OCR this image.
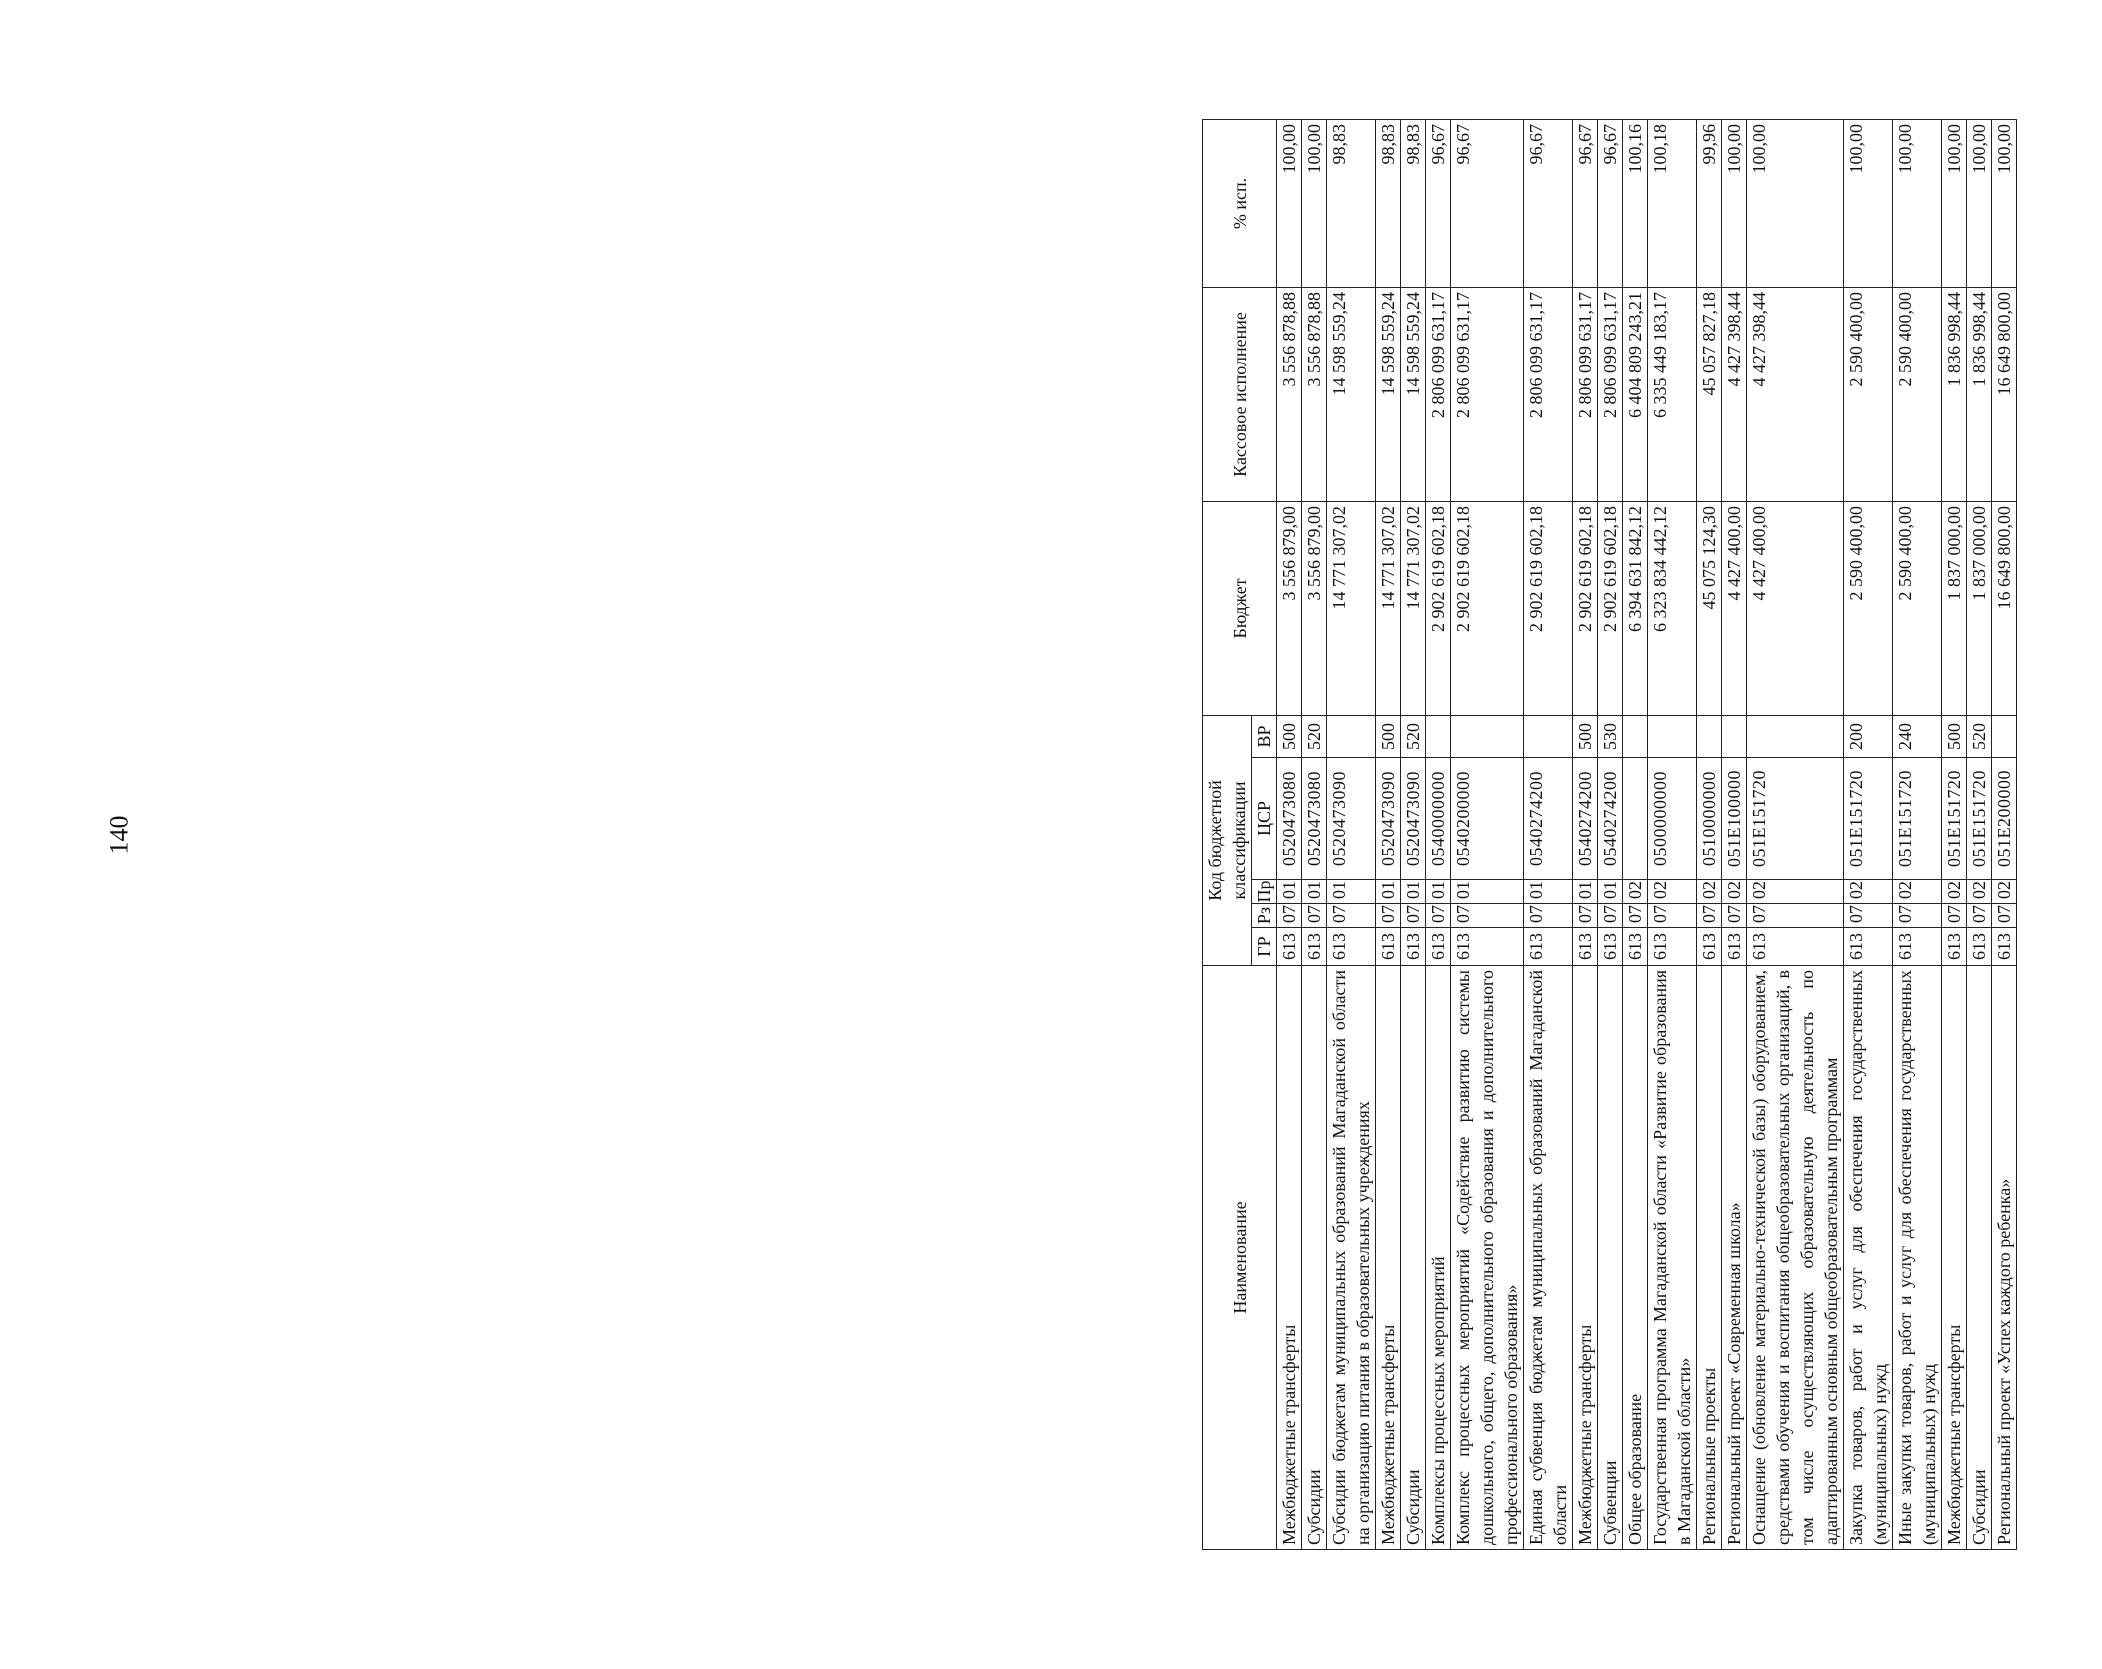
140
Наименование	Код бюджетной классификации					Бюджет	Кассовое исполнение	% исп.
	ГР	Рз	Пр	ЦСР	ВР			
Межбюджетные трансферты	613	07	01	0520473080	500	3 556 879,00	3 556 878,88	100,00
Субсидии	613	07	01	0520473080	520	3 556 879,00	3 556 878,88	100,00
Субсидии бюджетам муниципальных образований Магаданской области на организацию питания в образовательных учреждениях	613	07	01	0520473090		14 771 307,02	14 598 559,24	98,83
Межбюджетные трансферты	613	07	01	0520473090	500	14 771 307,02	14 598 559,24	98,83
Субсидии	613	07	01	0520473090	520	14 771 307,02	14 598 559,24	98,83
Комплексы процессных мероприятий	613	07	01	0540000000		2 902 619 602,18	2 806 099 631,17	96,67
Комплекс процессных мероприятий «Содействие развитию системы дошкольного, общего, дополнительного образования и дополнительного профессионального образования»	613	07	01	0540200000		2 902 619 602,18	2 806 099 631,17	96,67
Единая субвенция бюджетам муниципальных образований Магаданской области	613	07	01	0540274200		2 902 619 602,18	2 806 099 631,17	96,67
Межбюджетные трансферты	613	07	01	0540274200	500	2 902 619 602,18	2 806 099 631,17	96,67
Субвенции	613	07	01	0540274200	530	2 902 619 602,18	2 806 099 631,17	96,67
Общее образование	613	07	02			6 394 631 842,12	6 404 809 243,21	100,16
Государственная программа Магаданской области «Развитие образования в Магаданской области»	613	07	02	0500000000		6 323 834 442,12	6 335 449 183,17	100,18
Региональные проекты	613	07	02	0510000000		45 075 124,30	45 057 827,18	99,96
Региональный проект «Современная школа»	613	07	02	051E100000		4 427 400,00	4 427 398,44	100,00
Оснащение (обновление материально-технической базы) оборудованием, средствами обучения и воспитания общеобразовательных организаций, в том числе осуществляющих образовательную деятельность по адаптированным основным общеобразовательным программам	613	07	02	051E151720		4 427 400,00	4 427 398,44	100,00
Закупка товаров, работ и услуг для обеспечения государственных (муниципальных) нужд	613	07	02	051E151720	200	2 590 400,00	2 590 400,00	100,00
Иные закупки товаров, работ и услуг для обеспечения государственных (муниципальных) нужд	613	07	02	051E151720	240	2 590 400,00	2 590 400,00	100,00
Межбюджетные трансферты	613	07	02	051E151720	500	1 837 000,00	1 836 998,44	100,00
Субсидии	613	07	02	051E151720	520	1 837 000,00	1 836 998,44	100,00
Региональный проект «Успех каждого ребенка»	613	07	02	051E200000		16 649 800,00	16 649 800,00	100,00
